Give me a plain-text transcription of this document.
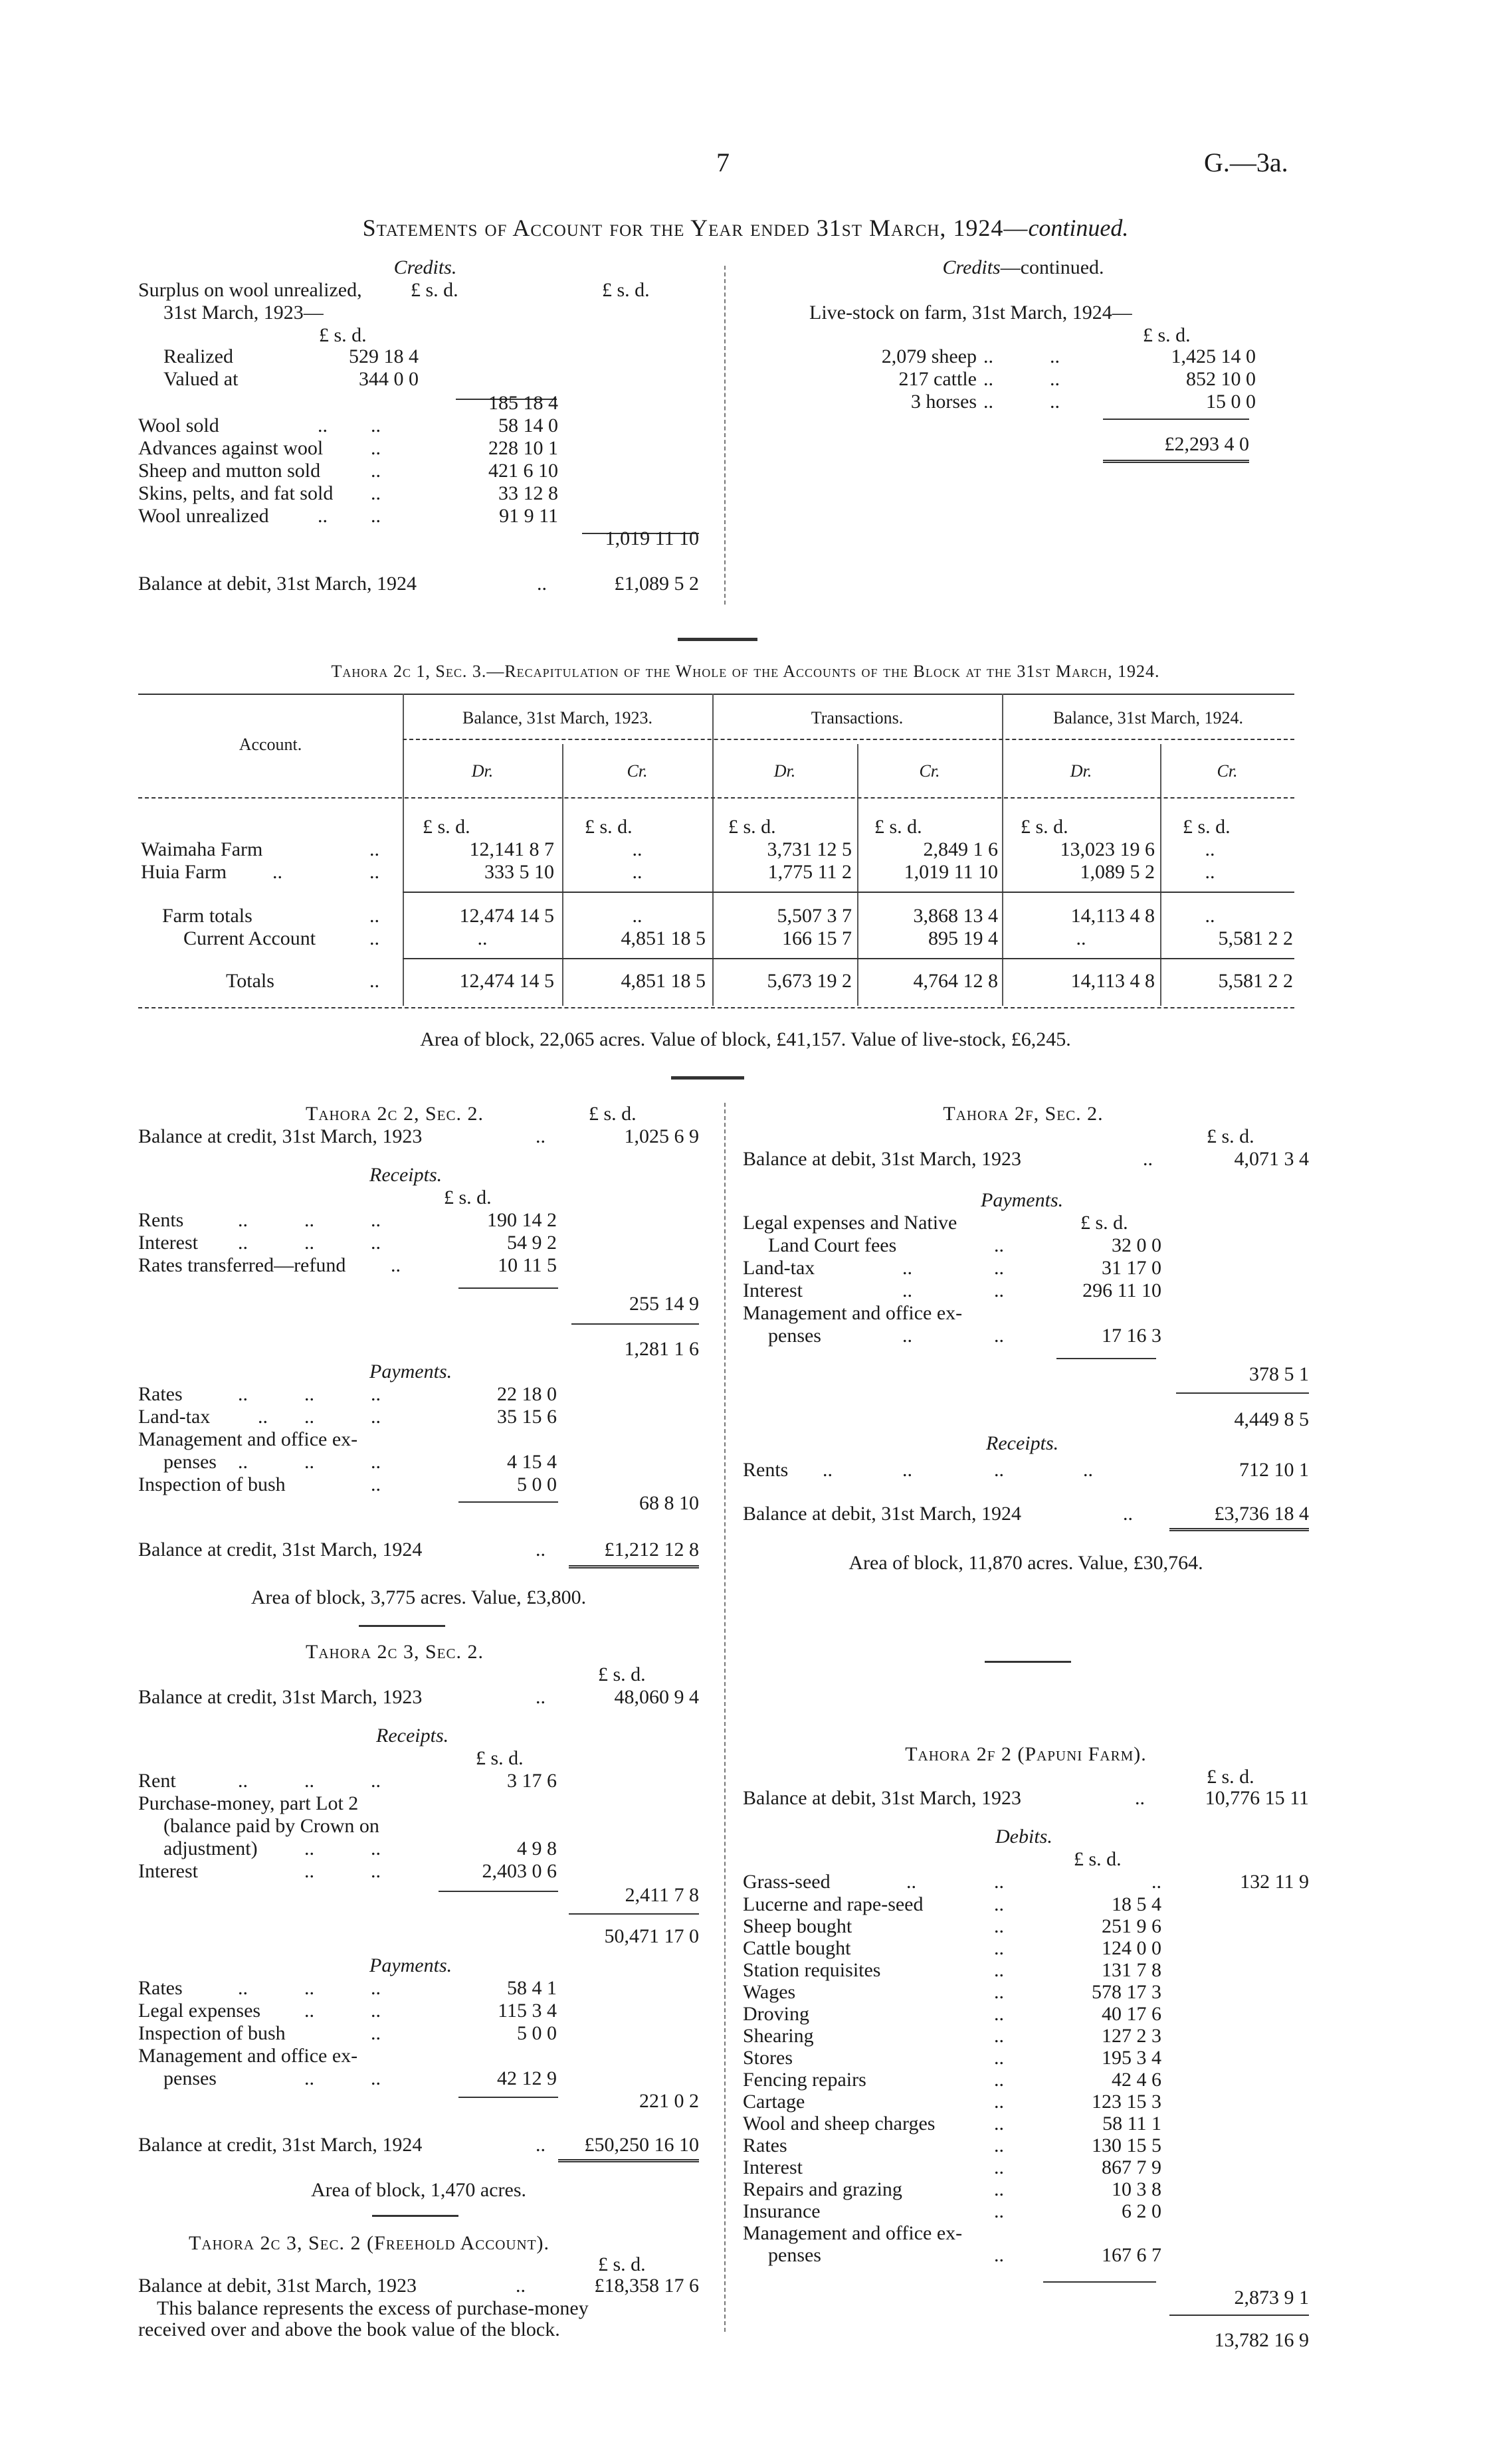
7	G.—3a.
Statements of Account for the Year ended 31st March, 1924—continued.
Credits.
Surplus on wool unrealized, £ s. d.	£ s. d.
31st March, 1923—
£ s. d.
Realized	529 18 4
Valued at	344 0 0
185 18 4
Wool sold	.. ..	58 14 0
Advances against wool ..	228 10 1
Sheep and mutton sold	..	421 6 10
Skins, pelts, and fat sold ..	33 12 8
Wool unrealized .. ..	91 9 11
1,019 11 10
Balance at debit, 31st March, 1924	..	£1,089 5 2
Credits—continued.
Live-stock on farm, 31st March, 1924—
£ s. d.
2,079 sheep ..	..	1,425 14 0
217 cattle ..	..	852 10 0
3 horses ..	..	15 0 0
£2,293 4 0
Tahora 2c 1, Sec. 3.—Recapitulation of the Whole of the Accounts of the Block at the 31st March, 1924.
Account.
Balance, 31st March, 1923.	Transactions.	Balance, 31st March, 1924.
Dr.	Cr.	Dr.	Cr.	Dr.	Cr.
£ s. d.	£ s. d.	£ s. d.	£ s. d.	£ s. d.	£ s. d.
Waimaha Farm	..	12,141 8 7	..	3,731 12 5	2,849 1 6	13,023 19 6	..
Huia Farm ..	..	333 5 10	..	1,775 11 2	1,019 11 10	1,089 5 2	..
Farm totals	..	12,474 14 5	..	5,507 3 7	3,868 13 4	14,113 4 8	..
Current Account	..	..	4,851 18 5	166 15 7	895 19 4	..	5,581 2 2
Totals	..	12,474 14 5	4,851 18 5	5,673 19 2	4,764 12 8	14,113 4 8	5,581 2 2
Area of block, 22,065 acres. Value of block, £41,157. Value of live-stock, £6,245.
Tahora 2c 2, Sec. 2.	£ s. d.
Balance at credit, 31st March, 1923	..	1,025 6 9
Receipts.
£ s. d.
Rents	..	..	..	190 14 2
Interest ..	..	..	54 9 2
Rates transferred—refund ..	10 11 5
255 14 9
1,281 1 6
Payments.
Rates	..	..	..	22 18 0
Land-tax .. ..	..	35 15 6
Management and office ex-
penses ..	..	..	4 15 4
Inspection of bush	..	5 0 0
68 8 10
Balance at credit, 31st March, 1924	..	£1,212 12 8
Area of block, 3,775 acres. Value, £3,800.
Tahora 2c 3, Sec. 2.
£ s. d.
Balance at credit, 31st March, 1923	..	48,060 9 4
Receipts.
£ s. d.
Rent	..	..	..	3 17 6
Purchase-money, part Lot 2
(balance paid by Crown on
adjustment) ..	..	4 9 8
Interest	..	..	2,403 0 6
2,411 7 8
50,471 17 0
Payments.
Rates	..	..	..	58 4 1
Legal expenses ..	..	115 3 4
Inspection of bush	..	5 0 0
Management and office ex-
penses	..	..	42 12 9
221 0 2
Balance at credit, 31st March, 1924	..	£50,250 16 10
Area of block, 1,470 acres.
Tahora 2c 3, Sec. 2 (Freehold Account).
£ s. d.
Balance at debit, 31st March, 1923	..	£18,358 17 6
This balance represents the excess of purchase-money
received over and above the book value of the block.
Tahora 2f, Sec. 2.
£ s. d.
Balance at debit, 31st March, 1923	..	4,071 3 4
Payments.
£ s. d.
Legal expenses and Native
Land Court fees	..	32 0 0
Land-tax	..	..	31 17 0
Interest	..	..	296 11 10
Management and office ex-
penses	..	..	17 16 3
378 5 1
4,449 8 5
Receipts.
Rents ..	..	..	..	712 10 1
Balance at debit, 31st March, 1924	..	£3,736 18 4
Area of block, 11,870 acres. Value, £30,764.
Tahora 2f 2 (Papuni Farm).
£ s. d.
Balance at debit, 31st March, 1923	..	10,776 15 11
Debits.
£ s. d.
Grass-seed	..	..	..	132 11 9
Lucerne and rape-seed	..	18 5 4
Sheep bought	..	251 9 6
Cattle bought	..	124 0 0
Station requisites	..	131 7 8
Wages	..	578 17 3
Droving	..	40 17 6
Shearing	..	127 2 3
Stores	..	195 3 4
Fencing repairs	..	42 4 6
Cartage	..	123 15 3
Wool and sheep charges	..	58 11 1
Rates	..	130 15 5
Interest	..	867 7 9
Repairs and grazing	..	10 3 8
Insurance	..	6 2 0
Management and office ex-
penses	..	167 6 7
2,873 9 1
13,782 16 9
